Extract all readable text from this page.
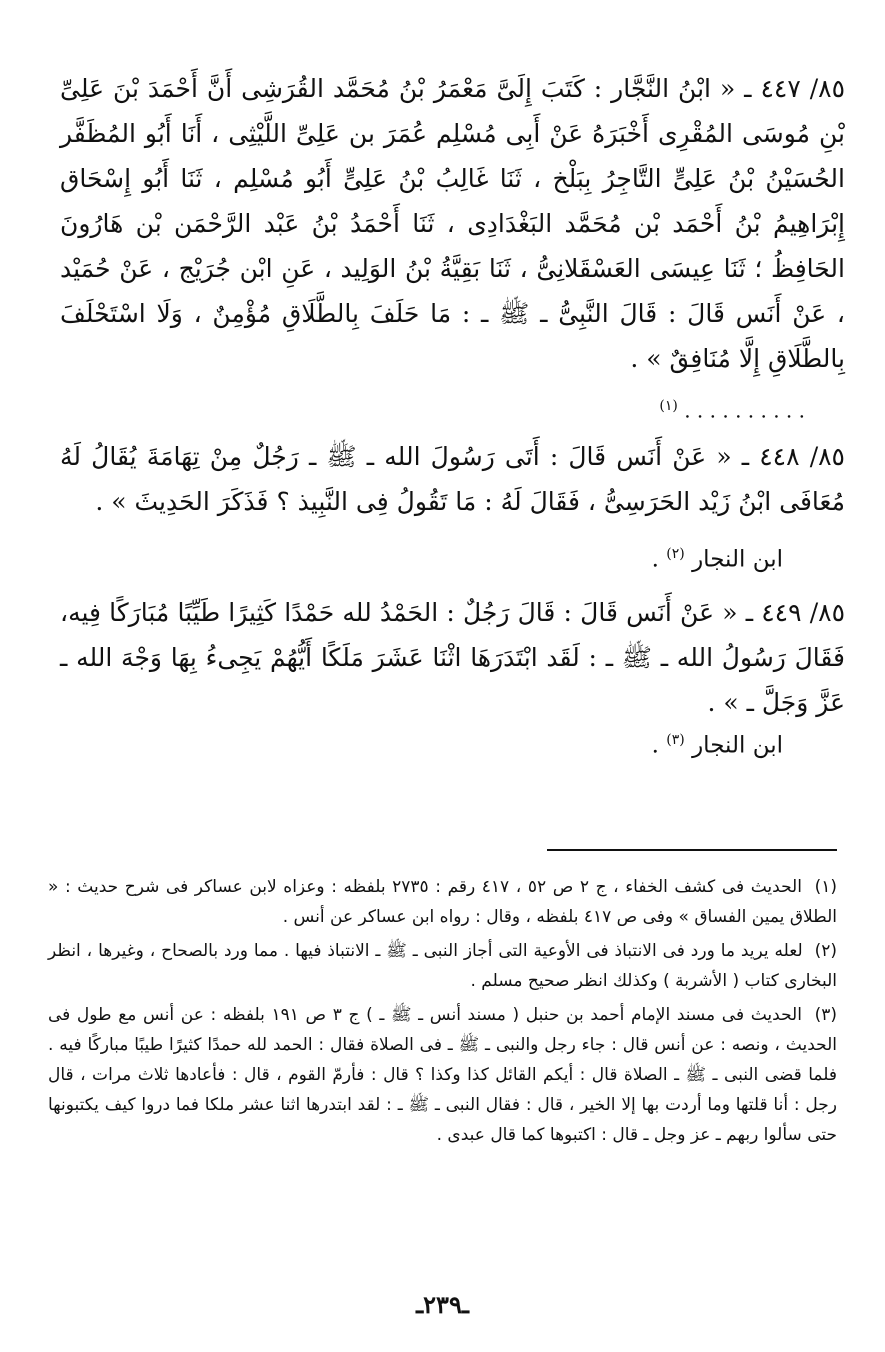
٨٥/ ٤٤٧ ـ « ابْنُ النَّجَّار : كَتَبَ إِلَىَّ مَعْمَرُ بْنُ مُحَمَّد القُرَشِى أَنَّ أَحْمَدَ بْنَ عَلِىِّ بْنِ مُوسَى المُقْرِى أَخْبَرَهُ عَنْ أَبِى مُسْلِم عُمَرَ بن عَلِىِّ اللَّيْثِى ، أَنَا أَبُو المُظَفَّر الحُسَيْنُ بْنُ عَلِىٍّ التَّاجِرُ بِبَلْخ ، ثَنَا غَالِبُ بْنُ عَلِىٍّ أَبُو مُسْلِم ، ثَنَا أَبُو إِسْحَاق إِبْرَاهِيمُ بْنُ أَحْمَد بْن مُحَمَّد البَغْدَادِى ، ثَنَا أَحْمَدُ بْنُ عَبْد الرَّحْمَن بْن هَارُونَ الحَافِظُ ؛ ثَنَا عِيسَى العَسْقَلانِىُّ ، ثَنَا بَقِيَّةُ بْنُ الوَلِيد ، عَنِ ابْن جُرَيْج ، عَنْ حُمَيْد ، عَنْ أَنَس قَالَ : قَالَ النَّبِىُّ ـ ﷺ ـ : مَا حَلَفَ بِالطَّلَاقِ مُؤْمِنٌ ، وَلَا اسْتَحْلَفَ بِالطَّلَاقِ إِلَّا مُنَافِقٌ » .

. . . . . . . . . . $^{(١)}$

٨٥/ ٤٤٨ ـ « عَنْ أَنَس قَالَ : أَتَى رَسُولَ الله ـ ﷺ ـ رَجُلٌ مِنْ تِهَامَةَ يُقَالُ لَهُ مُعَافَى ابْنُ زَيْد الحَرَسِىُّ ، فَقَالَ لَهُ : مَا تَقُولُ فِى النَّبِيذ ؟ فَذَكَرَ الحَدِيثَ » .

ابن النجار $^{(٢)}$ .

٨٥/ ٤٤٩ ـ « عَنْ أَنَس قَالَ : قَالَ رَجُلٌ : الحَمْدُ لله حَمْدًا كَثِيرًا طَيِّبًا مُبَارَكًا فِيه، فَقَالَ رَسُولُ الله ـ ﷺ ـ : لَقَد ابْتَدَرَهَا اثْنَا عَشَرَ مَلَكًا أَيُّهُمْ يَجِىءُ بِهَا وَجْهَ الله ـ عَزَّ وَجَلَّ ـ » .

ابن النجار $^{(٣)}$ .

(١) الحديث فى كشف الخفاء ، ج ٢ ص ٥٢ ، ٤١٧ رقم : ٢٧٣٥ بلفظه : وعزاه لابن عساكر فى شرح حديث : « الطلاق يمين الفساق » وفى ص ٤١٧ بلفظه ، وقال : رواه ابن عساكر عن أنس .

(٢) لعله يريد ما ورد فى الانتباذ فى الأوعية التى أجاز النبى ـ ﷺ ـ الانتباذ فيها . مما ورد بالصحاح ، وغيرها ، انظر البخارى كتاب ( الأشربة ) وكذلك انظر صحيح مسلم .

(٣) الحديث فى مسند الإمام أحمد بن حنبل ( مسند أنس ـ ﷺ ـ ) ج ٣ ص ١٩١ بلفظه : عن أنس مع طول فى الحديث ، ونصه : عن أنس قال : جاء رجل والنبى ـ ﷺ ـ فى الصلاة فقال : الحمد لله حمدًا كثيرًا طيبًا مباركًا فيه . فلما قضى النبى ـ ﷺ ـ الصلاة قال : أيكم القائل كذا وكذا ؟ قال : فأرمّ القوم ، قال : فأعادها ثلاث مرات ، قال رجل : أنا قلتها وما أردت بها إلا الخير ، قال : فقال النبى ـ ﷺ ـ : لقد ابتدرها اثنا عشر ملكا فما دروا كيف يكتبونها حتى سألوا ربهم ـ عز وجل ـ قال : اكتبوها كما قال عبدى .

ـ٢٣٩ـ
